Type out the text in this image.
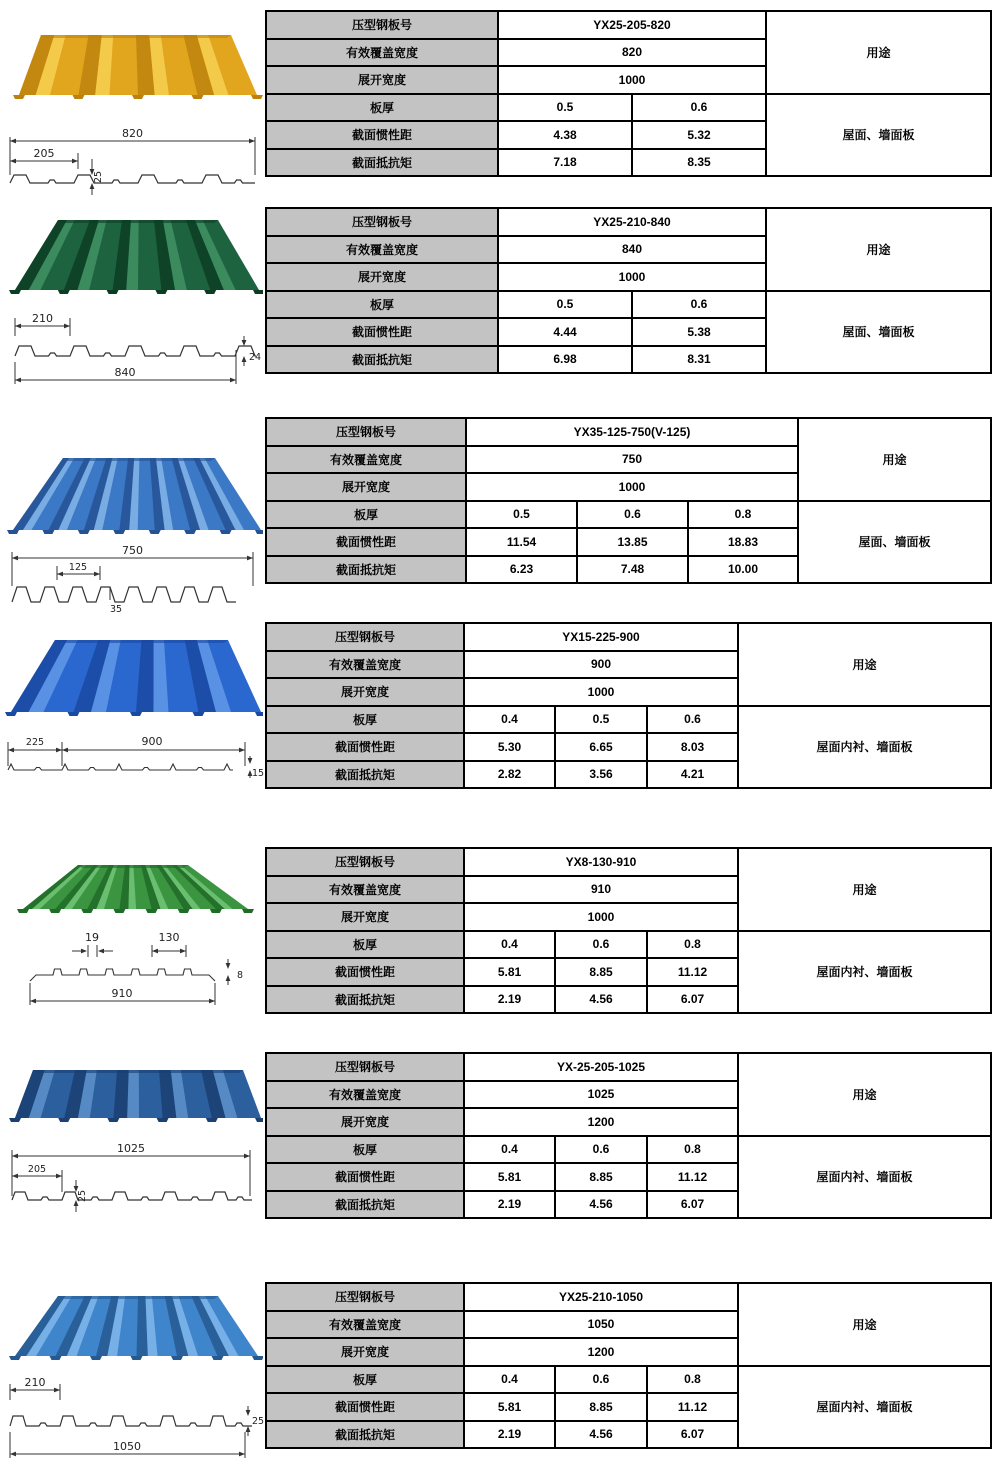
820
205
25
压型钢板号	YX25-205-820		用途
有效覆盖宽度	820		
展开宽度	1000		
板厚	0.5	0.6	屋面、墙面板
截面惯性距	4.38	5.32	
截面抵抗矩	7.18	8.35	
210
24
840
压型钢板号	YX25-210-840		用途
有效覆盖宽度	840		
展开宽度	1000		
板厚	0.5	0.6	屋面、墙面板
截面惯性距	4.44	5.38	
截面抵抗矩	6.98	8.31	
750
125
35
压型钢板号	YX35-125-750(V-125)			用途
有效覆盖宽度	750			
展开宽度	1000			
板厚	0.5	0.6	0.8	屋面、墙面板
截面惯性距	11.54	13.85	18.83	
截面抵抗矩	6.23	7.48	10.00	
225	900
15
压型钢板号	YX15-225-900			用途
有效覆盖宽度	900			
展开宽度	1000			
板厚	0.4	0.5	0.6	屋面内衬、墙面板
截面惯性距	5.30	6.65	8.03	
截面抵抗矩	2.82	3.56	4.21	
19	130
8
910
压型钢板号	YX8-130-910			用途
有效覆盖宽度	910			
展开宽度	1000			
板厚	0.4	0.6	0.8	屋面内衬、墙面板
截面惯性距	5.81	8.85	11.12	
截面抵抗矩	2.19	4.56	6.07	
1025
205
25
压型钢板号	YX-25-205-1025			用途
有效覆盖宽度	1025			
展开宽度	1200			
板厚	0.4	0.6	0.8	屋面内衬、墙面板
截面惯性距	5.81	8.85	11.12	
截面抵抗矩	2.19	4.56	6.07	
210
25
1050
压型钢板号	YX25-210-1050			用途
有效覆盖宽度	1050			
展开宽度	1200			
板厚	0.4	0.6	0.8	屋面内衬、墙面板
截面惯性距	5.81	8.85	11.12	
截面抵抗矩	2.19	4.56	6.07	
